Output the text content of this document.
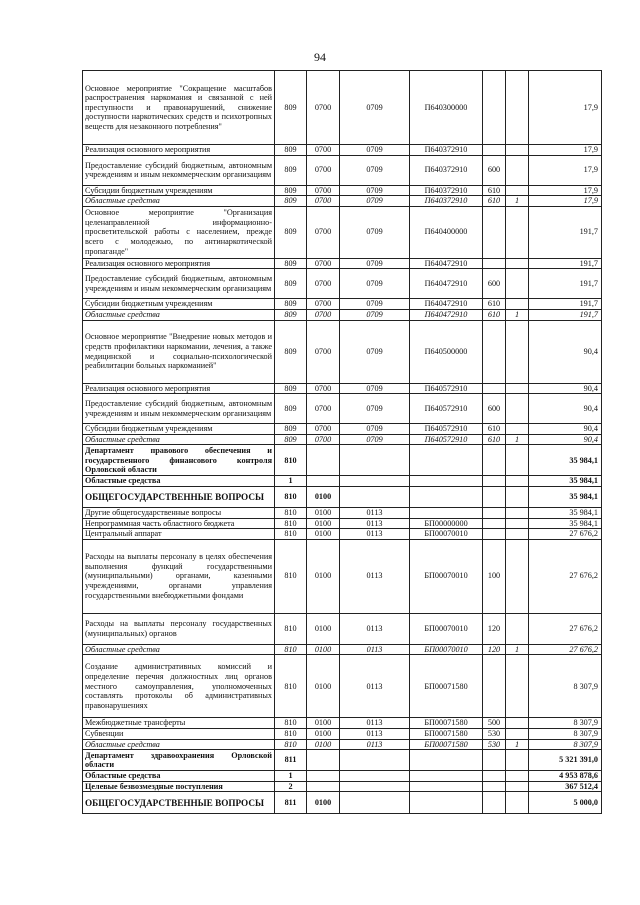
94
Основное мероприятие "Сокращение масштабов распространения наркомания и связанной с ней преступности и правонарушений, снижение доступности наркотических средств и психотропных веществ для незаконного потребления"	809	0700	0709	П640300000			17,9
Реализация основного мероприятия	809	0700	0709	П640372910			17,9
Предоставление субсидий бюджетным, автономным учреждениям и иным некоммерческим организациям	809	0700	0709	П640372910	600		17,9
Субсидии бюджетным учреждениям	809	0700	0709	П640372910	610		17,9
Областные средства	809	0700	0709	П640372910	610	1	17,9
Основное мероприятие "Организация целенаправленной информационно-просветительской работы с населением, прежде всего с молодежью, по антинаркотической пропаганде"	809	0700	0709	П640400000			191,7
Реализация основного мероприятия	809	0700	0709	П640472910			191,7
Предоставление субсидий бюджетным, автономным учреждениям и иным некоммерческим организациям	809	0700	0709	П640472910	600		191,7
Субсидии бюджетным учреждениям	809	0700	0709	П640472910	610		191,7
Областные средства	809	0700	0709	П640472910	610	1	191,7
Основное мероприятие "Внедрение новых методов и средств профилактики наркомании, лечения, а также медицинской и социально-психологической реабилитации больных наркоманией"	809	0700	0709	П640500000			90,4
Реализация основного мероприятия	809	0700	0709	П640572910			90,4
Предоставление субсидий бюджетным, автономным учреждениям и иным некоммерческим организациям	809	0700	0709	П640572910	600		90,4
Субсидии бюджетным учреждениям	809	0700	0709	П640572910	610		90,4
Областные средства	809	0700	0709	П640572910	610	1	90,4
Департамент правового обеспечения и государственного финансового контроля Орловской области	810						35 984,1
Областные средства	1						35 984,1
ОБЩЕГОСУДАРСТВЕННЫЕ ВОПРОСЫ	810	0100					35 984,1
Другие общегосударственные вопросы	810	0100	0113				35 984,1
Непрограммная часть областного бюджета	810	0100	0113	БП00000000			35 984,1
Центральный аппарат	810	0100	0113	БП00070010			27 676,2
Расходы на выплаты персоналу в целях обеспечения выполнения функций государственными (муниципальными) органами, казенными учреждениями, органами управления государственными внебюджетными фондами	810	0100	0113	БП00070010	100		27 676,2
Расходы на выплаты персоналу государственных (муниципальных) органов	810	0100	0113	БП00070010	120		27 676,2
Областные средства	810	0100	0113	БП00070010	120	1	27 676,2
Создание административных комиссий и определение перечня должностных лиц органов местного самоуправления, уполномоченных составлять протоколы об административных правонарушениях	810	0100	0113	БП00071580			8 307,9
Межбюджетные трансферты	810	0100	0113	БП00071580	500		8 307,9
Субвенции	810	0100	0113	БП00071580	530		8 307,9
Областные средства	810	0100	0113	БП00071580	530	1	8 307,9
Департамент здравоохранения Орловской области	811						5 321 391,0
Областные средства	1						4 953 878,6
Целевые безвозмездные поступления	2						367 512,4
ОБЩЕГОСУДАРСТВЕННЫЕ ВОПРОСЫ	811	0100					5 000,0
